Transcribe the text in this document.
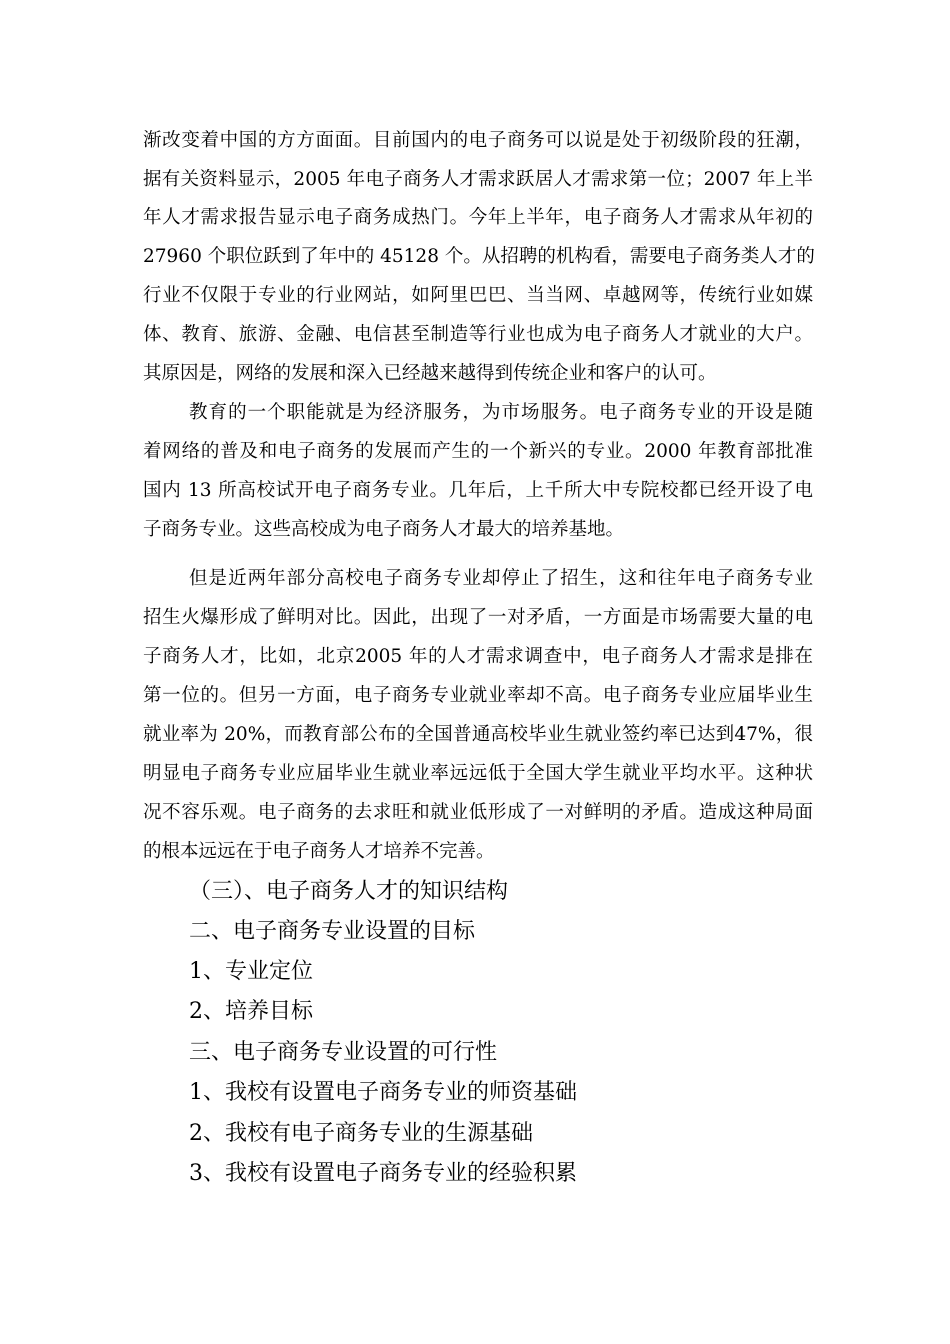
渐改变着中国的方方面面。目前国内的电子商务可以说是处于初级阶段的狂潮，
据有关资料显示，2005 年电子商务人才需求跃居人才需求第一位；2007 年上半
年人才需求报告显示电子商务成热门。今年上半年，电子商务人才需求从年初的
27960 个职位跃到了年中的 45128 个。从招聘的机构看，需要电子商务类人才的
行业不仅限于专业的行业网站，如阿里巴巴、当当网、卓越网等，传统行业如媒
体、教育、旅游、金融、电信甚至制造等行业也成为电子商务人才就业的大户。
其原因是，网络的发展和深入已经越来越得到传统企业和客户的认可。
教育的一个职能就是为经济服务，为市场服务。电子商务专业的开设是随
着网络的普及和电子商务的发展而产生的一个新兴的专业。2000 年教育部批准
国内 13 所高校试开电子商务专业。几年后，上千所大中专院校都已经开设了电
子商务专业。这些高校成为电子商务人才最大的培养基地。
但是近两年部分高校电子商务专业却停止了招生，这和往年电子商务专业
招生火爆形成了鲜明对比。因此，出现了一对矛盾，一方面是市场需要大量的电
子商务人才，比如，北京2005 年的人才需求调查中，电子商务人才需求是排在
第一位的。但另一方面，电子商务专业就业率却不高。电子商务专业应届毕业生
就业率为 20%，而教育部公布的全国普通高校毕业生就业签约率已达到47%，很
明显电子商务专业应届毕业生就业率远远低于全国大学生就业平均水平。这种状
况不容乐观。电子商务的去求旺和就业低形成了一对鲜明的矛盾。造成这种局面
的根本远远在于电子商务人才培养不完善。
（三）、电子商务人才的知识结构
二、电子商务专业设置的目标
1、专业定位
2、培养目标
三、电子商务专业设置的可行性
1、我校有设置电子商务专业的师资基础
2、我校有电子商务专业的生源基础
3、我校有设置电子商务专业的经验积累
